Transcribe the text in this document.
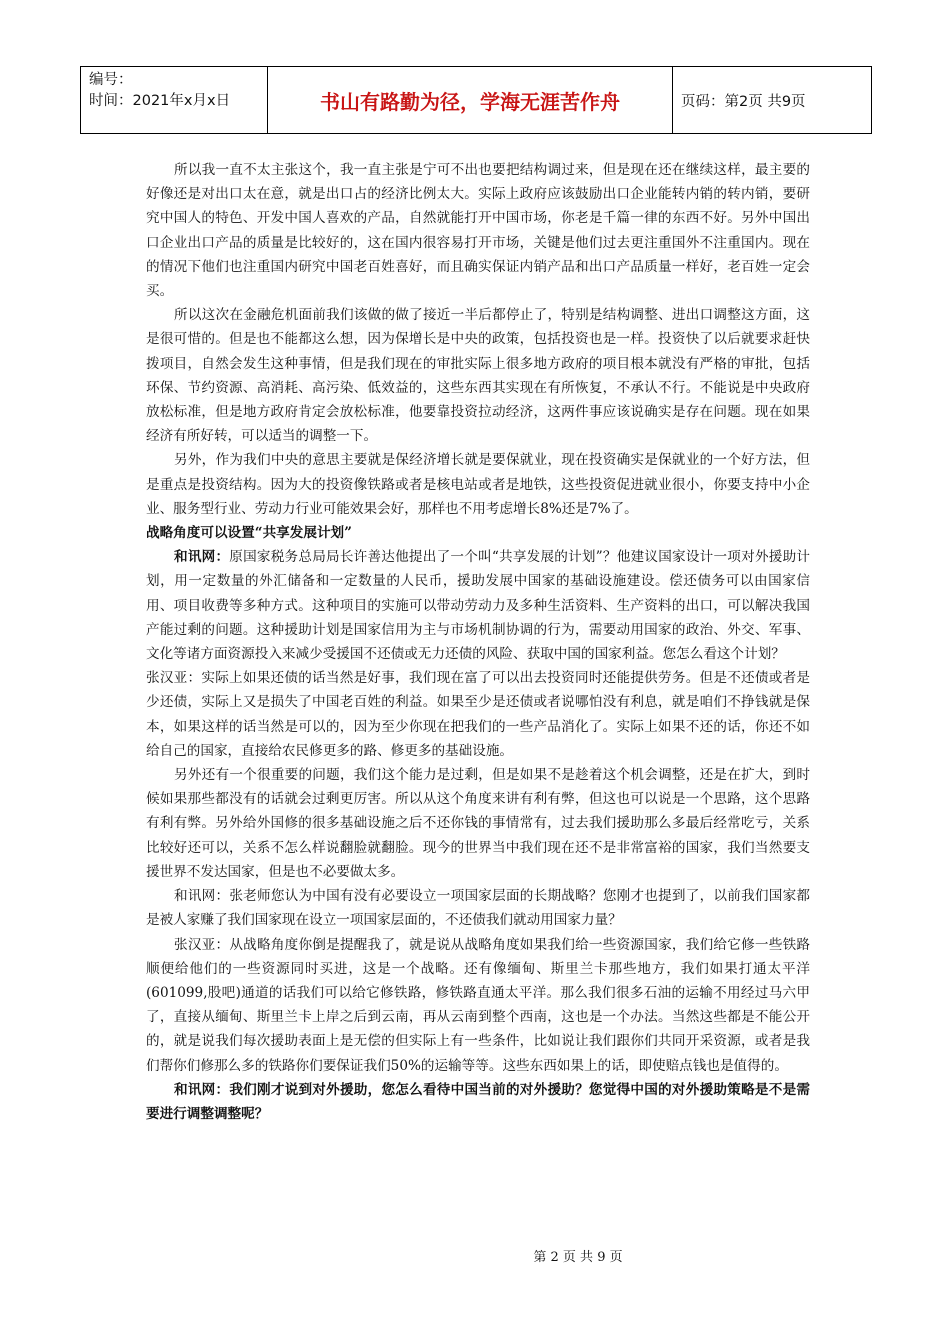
编号：
时间：2021年x月x日	书山有路勤为径，学海无涯苦作舟	页码：第2页 共9页

所以我一直不太主张这个，我一直主张是宁可不出也要把结构调过来，但是现在还在继续这样，最主要的好像还是对出口太在意，就是出口占的经济比例太大。实际上政府应该鼓励出口企业能转内销的转内销，要研究中国人的特色、开发中国人喜欢的产品，自然就能打开中国市场，你老是千篇一律的东西不好。另外中国出口企业出口产品的质量是比较好的，这在国内很容易打开市场，关键是他们过去更注重国外不注重国内。现在的情况下他们也注重国内研究中国老百姓喜好，而且确实保证内销产品和出口产品质量一样好，老百姓一定会买。

所以这次在金融危机面前我们该做的做了接近一半后都停止了，特别是结构调整、进出口调整这方面，这是很可惜的。但是也不能都这么想，因为保增长是中央的政策，包括投资也是一样。投资快了以后就要求赶快拨项目，自然会发生这种事情，但是我们现在的审批实际上很多地方政府的项目根本就没有严格的审批，包括环保、节约资源、高消耗、高污染、低效益的，这些东西其实现在有所恢复，不承认不行。不能说是中央政府放松标准，但是地方政府肯定会放松标准，他要靠投资拉动经济，这两件事应该说确实是存在问题。现在如果经济有所好转，可以适当的调整一下。

另外，作为我们中央的意思主要就是保经济增长就是要保就业，现在投资确实是保就业的一个好方法，但是重点是投资结构。因为大的投资像铁路或者是核电站或者是地铁，这些投资促进就业很小，你要支持中小企业、服务型行业、劳动力行业可能效果会好，那样也不用考虑增长8%还是7%了。

战略角度可以设置“共享发展计划”

和讯网：原国家税务总局局长许善达他提出了一个叫“共享发展的计划”？他建议国家设计一项对外援助计划，用一定数量的外汇储备和一定数量的人民币，援助发展中国家的基础设施建设。偿还债务可以由国家信用、项目收费等多种方式。这种项目的实施可以带动劳动力及多种生活资料、生产资料的出口，可以解决我国产能过剩的问题。这种援助计划是国家信用为主与市场机制协调的行为，需要动用国家的政治、外交、军事、文化等诸方面资源投入来减少受援国不还债或无力还债的风险、获取中国的国家利益。您怎么看这个计划？

张汉亚：实际上如果还债的话当然是好事，我们现在富了可以出去投资同时还能提供劳务。但是不还债或者是少还债，实际上又是损失了中国老百姓的利益。如果至少是还债或者说哪怕没有利息，就是咱们不挣钱就是保本，如果这样的话当然是可以的，因为至少你现在把我们的一些产品消化了。实际上如果不还的话，你还不如给自己的国家，直接给农民修更多的路、修更多的基础设施。

另外还有一个很重要的问题，我们这个能力是过剩，但是如果不是趁着这个机会调整，还是在扩大，到时候如果那些都没有的话就会过剩更厉害。所以从这个角度来讲有利有弊，但这也可以说是一个思路，这个思路有利有弊。另外给外国修的很多基础设施之后不还你钱的事情常有，过去我们援助那么多最后经常吃亏，关系比较好还可以，关系不怎么样说翻脸就翻脸。现今的世界当中我们现在还不是非常富裕的国家，我们当然要支援世界不发达国家，但是也不必要做太多。

和讯网：张老师您认为中国有没有必要设立一项国家层面的长期战略？您刚才也提到了，以前我们国家都是被人家赚了我们国家现在设立一项国家层面的，不还债我们就动用国家力量？

张汉亚：从战略角度你倒是提醒我了，就是说从战略角度如果我们给一些资源国家，我们给它修一些铁路顺便给他们的一些资源同时买进，这是一个战略。还有像缅甸、斯里兰卡那些地方，我们如果打通太平洋(601099,股吧)通道的话我们可以给它修铁路，修铁路直通太平洋。那么我们很多石油的运输不用经过马六甲了，直接从缅甸、斯里兰卡上岸之后到云南，再从云南到整个西南，这也是一个办法。当然这些都是不能公开的，就是说我们每次援助表面上是无偿的但实际上有一些条件，比如说让我们跟你们共同开采资源，或者是我们帮你们修那么多的铁路你们要保证我们50%的运输等等。这些东西如果上的话，即使赔点钱也是值得的。

和讯网：我们刚才说到对外援助，您怎么看待中国当前的对外援助？您觉得中国的对外援助策略是不是需要进行调整调整呢？

第 2 页 共 9 页
